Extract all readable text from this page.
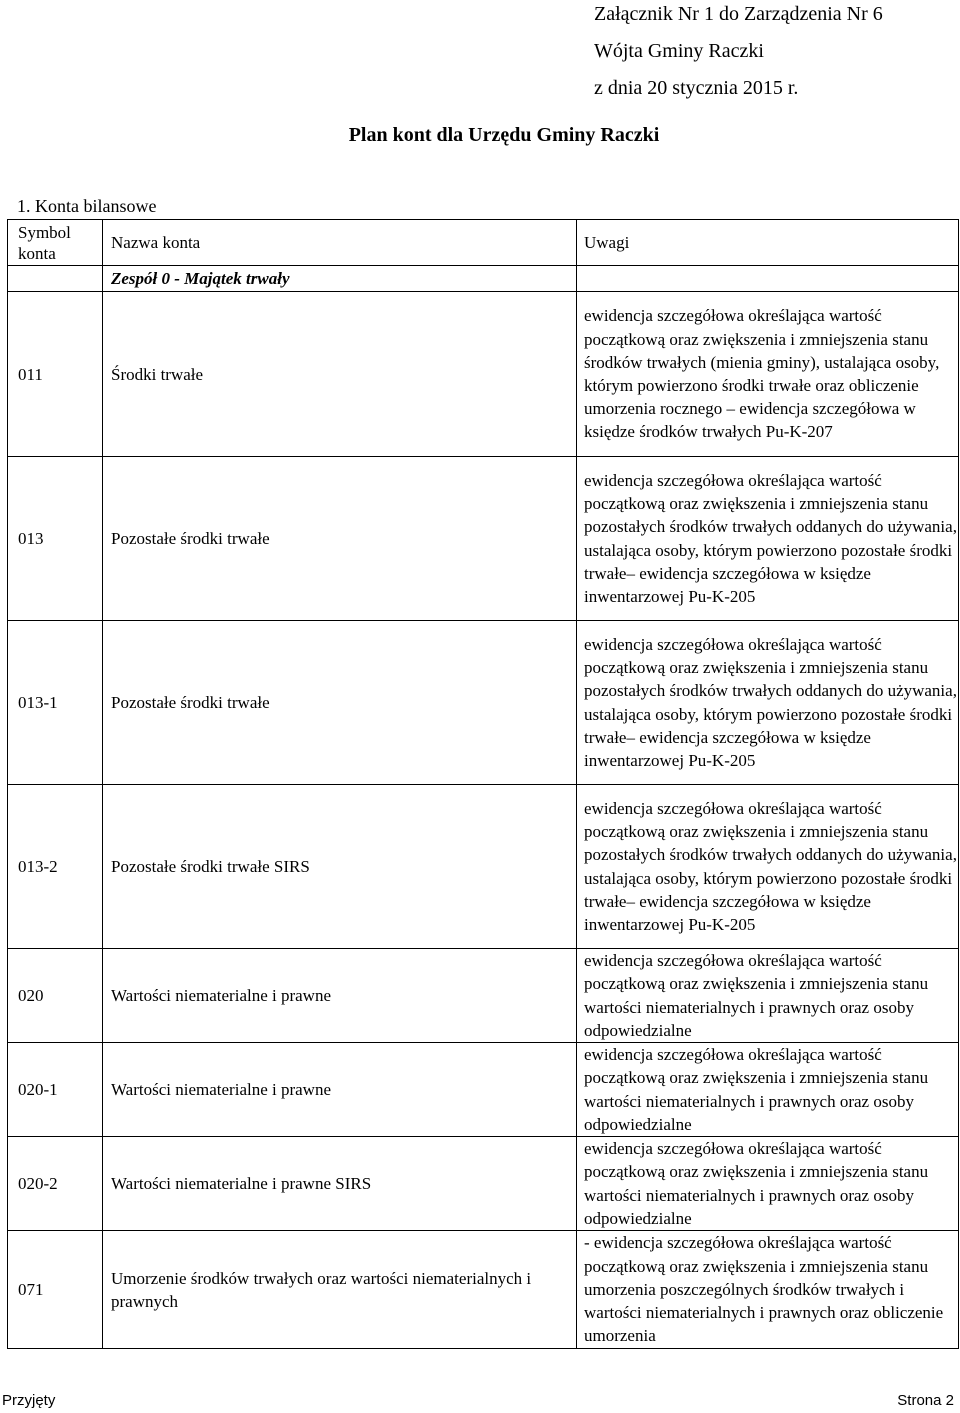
Załącznik Nr 1 do Zarządzenia Nr 6
Wójta Gminy Raczki
z dnia 20 stycznia 2015 r.
Plan kont dla Urzędu Gminy Raczki
1. Konta bilansowe
Symbol konta	Nazwa konta	Uwagi
	Zespół 0 - Majątek trwały	
011	Środki trwałe	ewidencja szczegółowa określająca wartość początkową oraz zwiększenia i zmniejszenia stanu środków trwałych (mienia gminy), ustalająca osoby, którym powierzono środki trwałe oraz obliczenie umorzenia rocznego – ewidencja szczegółowa w księdze środków trwałych Pu-K-207
013	Pozostałe środki trwałe	ewidencja szczegółowa określająca wartość początkową oraz zwiększenia i zmniejszenia stanu pozostałych środków trwałych oddanych do używania, ustalająca osoby, którym powierzono pozostałe środki trwałe– ewidencja szczegółowa w księdze inwentarzowej Pu-K-205
013-1	Pozostałe środki trwałe	ewidencja szczegółowa określająca wartość początkową oraz zwiększenia i zmniejszenia stanu pozostałych środków trwałych oddanych do używania, ustalająca osoby, którym powierzono pozostałe środki trwałe– ewidencja szczegółowa w księdze inwentarzowej Pu-K-205
013-2	Pozostałe środki trwałe SIRS	ewidencja szczegółowa określająca wartość początkową oraz zwiększenia i zmniejszenia stanu pozostałych środków trwałych oddanych do używania, ustalająca osoby, którym powierzono pozostałe środki trwałe– ewidencja szczegółowa w księdze inwentarzowej Pu-K-205
020	Wartości niematerialne i prawne	ewidencja szczegółowa określająca wartość początkową oraz zwiększenia i zmniejszenia stanu wartości niematerialnych i prawnych oraz osoby odpowiedzialne
020-1	Wartości niematerialne i prawne	ewidencja szczegółowa określająca wartość początkową oraz zwiększenia i zmniejszenia stanu wartości niematerialnych i prawnych oraz osoby odpowiedzialne
020-2	Wartości niematerialne i prawne SIRS	ewidencja szczegółowa określająca wartość początkową oraz zwiększenia i zmniejszenia stanu wartości niematerialnych i prawnych oraz osoby odpowiedzialne
071	Umorzenie środków trwałych oraz wartości niematerialnych i prawnych	- ewidencja szczegółowa określająca wartość początkową oraz zwiększenia i zmniejszenia stanu umorzenia poszczególnych środków trwałych i wartości niematerialnych i prawnych oraz obliczenie umorzenia
Przyjęty	Strona 2
